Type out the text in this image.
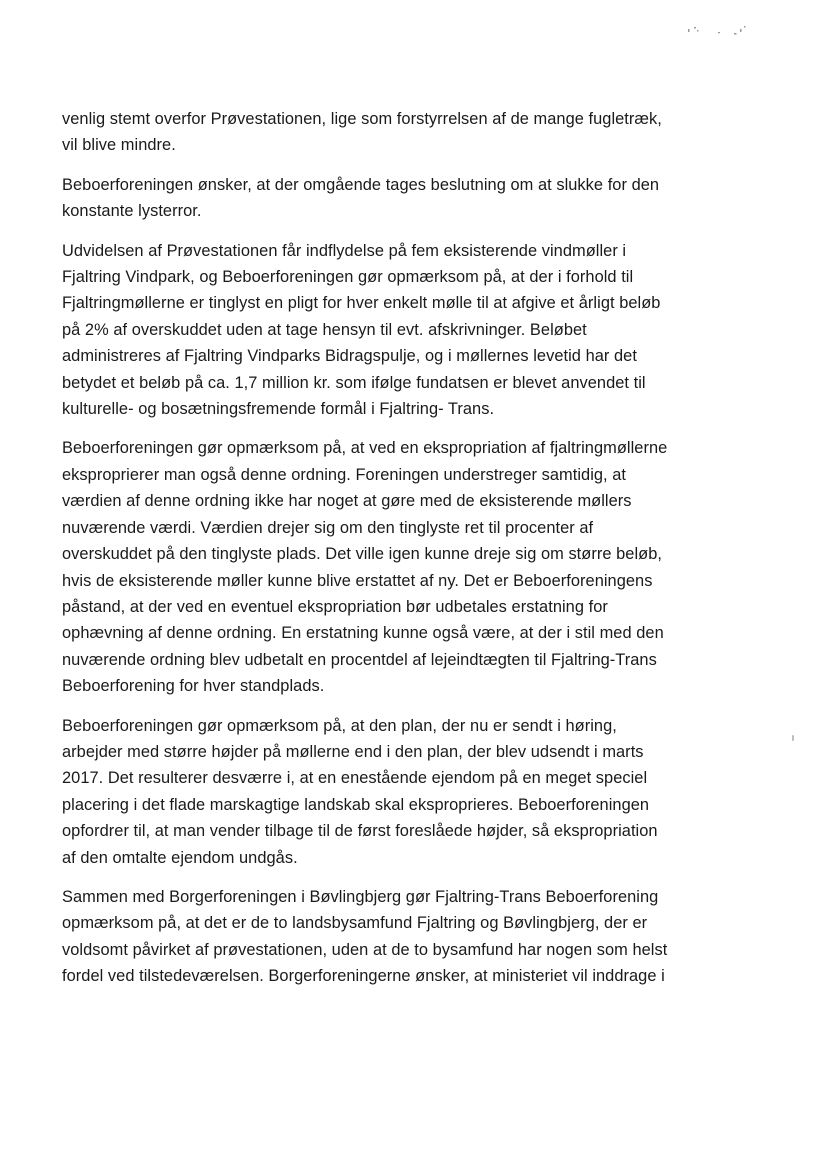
venlig stemt overfor Prøvestationen, lige som forstyrrelsen af de mange fugletræk,
vil blive mindre.

Beboerforeningen ønsker, at der omgående tages beslutning om at slukke for den
konstante lysterror.

Udvidelsen af Prøvestationen får indflydelse på fem eksisterende vindmøller i
Fjaltring Vindpark, og Beboerforeningen gør opmærksom på, at der i forhold til
Fjaltringmøllerne er tinglyst en pligt for hver enkelt mølle til at afgive et årligt beløb
på 2% af overskuddet uden at tage hensyn til evt. afskrivninger. Beløbet
administreres af Fjaltring Vindparks Bidragspulje, og i møllernes levetid har det
betydet et beløb på ca. 1,7 million kr. som ifølge fundatsen er blevet anvendet til
kulturelle- og bosætningsfremende formål i Fjaltring- Trans.

Beboerforeningen gør opmærksom på, at ved en ekspropriation af fjaltringmøllerne
eksproprierer man også denne ordning. Foreningen understreger samtidig, at
værdien af denne ordning ikke har noget at gøre med de eksisterende møllers
nuværende værdi. Værdien drejer sig om den tinglyste ret til procenter af
overskuddet på den tinglyste plads. Det ville igen kunne dreje sig om større beløb,
hvis de eksisterende møller kunne blive erstattet af ny. Det er Beboerforeningens
påstand, at der ved en eventuel ekspropriation bør udbetales erstatning for
ophævning af denne ordning. En erstatning kunne også være, at der i stil med den
nuværende ordning blev udbetalt en procentdel af lejeindtægten til Fjaltring-Trans
Beboerforening for hver standplads.

Beboerforeningen gør opmærksom på, at den plan, der nu er sendt i høring,
arbejder med større højder på møllerne end i den plan, der blev udsendt i marts
2017. Det resulterer desværre i, at en enestående ejendom på en meget speciel
placering i det flade marskagtige landskab skal eksproprieres. Beboerforeningen
opfordrer til, at man vender tilbage til de først foreslåede højder, så ekspropriation
af den omtalte ejendom undgås.

Sammen med Borgerforeningen i Bøvlingbjerg gør Fjaltring-Trans Beboerforening
opmærksom på, at det er de to landsbysamfund Fjaltring og Bøvlingbjerg, der er
voldsomt påvirket af prøvestationen, uden at de to bysamfund har nogen som helst
fordel ved tilstedeværelsen. Borgerforeningerne ønsker, at ministeriet vil inddrage i
